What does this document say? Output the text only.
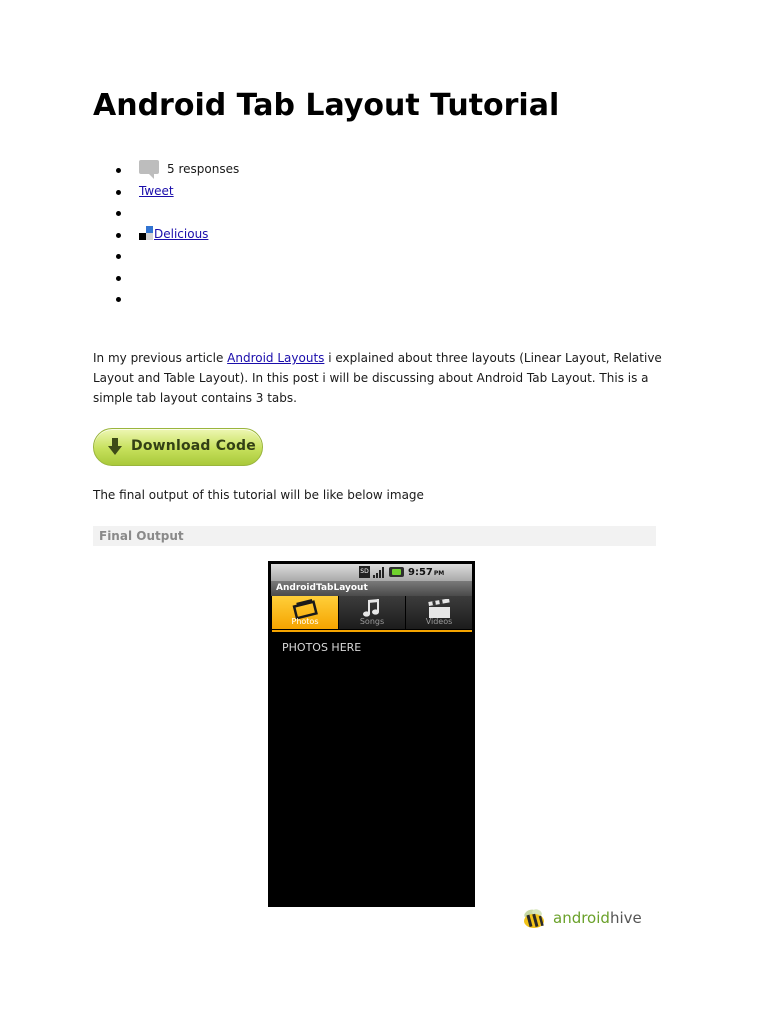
Android Tab Layout Tutorial
5 responses
Tweet
Delicious

In my previous article Android Layouts i explained about three layouts (Linear Layout, Relative Layout and Table Layout). In this post i will be discussing about Android Tab Layout. This is a simple tab layout contains 3 tabs.

Download Code

The final output of this tutorial will be like below image

Final Output
SD	9:57PM
AndroidTabLayout
Photos	Songs	Videos
PHOTOS HERE
androidhive
